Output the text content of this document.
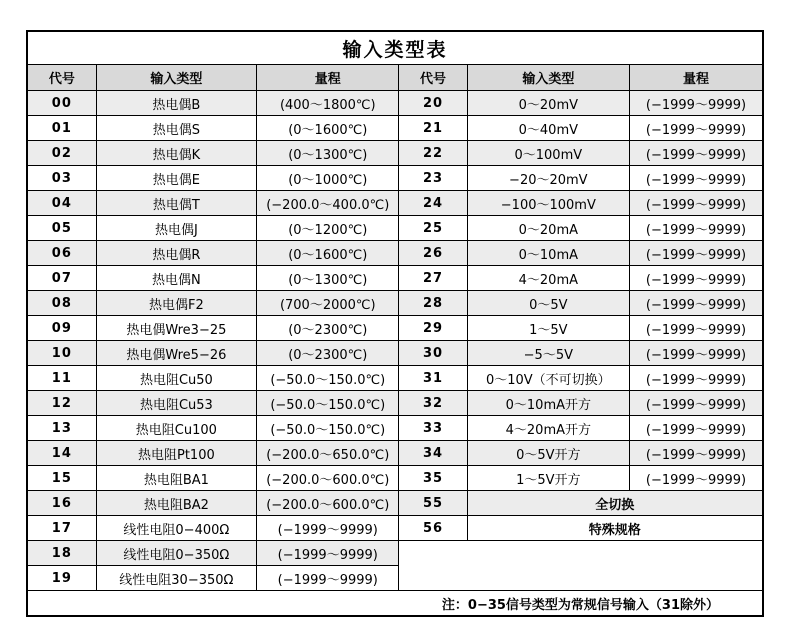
输入类型表					
代号	输入类型	量程	代号	输入类型	量程
00	热电偶B	(400～1800℃)	20	0～20mV	(−1999～9999)
01	热电偶S	(0～1600℃)	21	0～40mV	(−1999～9999)
02	热电偶K	(0～1300℃)	22	0～100mV	(−1999～9999)
03	热电偶E	(0～1000℃)	23	−20～20mV	(−1999～9999)
04	热电偶T	(−200.0～400.0℃)	24	−100～100mV	(−1999～9999)
05	热电偶J	(0～1200℃)	25	0～20mA	(−1999～9999)
06	热电偶R	(0～1600℃)	26	0～10mA	(−1999～9999)
07	热电偶N	(0～1300℃)	27	4～20mA	(−1999～9999)
08	热电偶F2	(700～2000℃)	28	0～5V	(−1999～9999)
09	热电偶Wre3−25	(0～2300℃)	29	1～5V	(−1999～9999)
10	热电偶Wre5−26	(0～2300℃)	30	−5～5V	(−1999～9999)
11	热电阻Cu50	(−50.0～150.0℃)	31	0～10V（不可切换）	(−1999～9999)
12	热电阻Cu53	(−50.0～150.0℃)	32	0～10mA开方	(−1999～9999)
13	热电阻Cu100	(−50.0～150.0℃)	33	4～20mA开方	(−1999～9999)
14	热电阻Pt100	(−200.0～650.0℃)	34	0～5V开方	(−1999～9999)
15	热电阻BA1	(−200.0～600.0℃)	35	1～5V开方	(−1999～9999)
16	热电阻BA2	(−200.0～600.0℃)	55	全切换	
17	线性电阻0−400Ω	(−1999～9999)	56	特殊规格	
18	线性电阻0−350Ω	(−1999～9999)			
19	线性电阻30−350Ω	(−1999～9999)			
			注：0−35信号类型为常规信号输入（31除外）		
